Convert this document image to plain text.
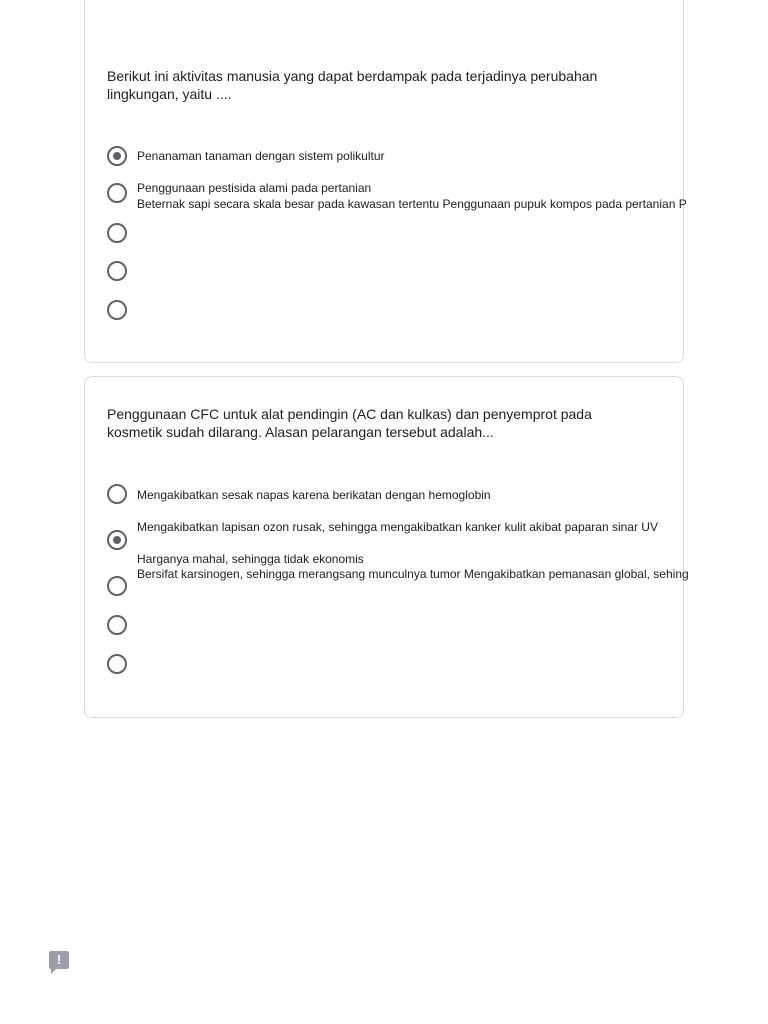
Berikut ini aktivitas manusia yang dapat berdampak pada terjadinya perubahan lingkungan, yaitu ....
Penanaman tanaman dengan sistem polikultur
Penggunaan pestisida alami pada pertanian
Beternak sapi secara skala besar pada kawasan tertentu Penggunaan pupuk kompos pada pertanian P
Penggunaan CFC untuk alat pendingin (AC dan kulkas) dan penyemprot pada kosmetik sudah dilarang. Alasan pelarangan tersebut adalah...
Mengakibatkan sesak napas karena berikatan dengan hemoglobin
Mengakibatkan lapisan ozon rusak, sehingga mengakibatkan kanker kulit akibat paparan sinar UV
Harganya mahal, sehingga tidak ekonomis
Bersifat karsinogen, sehingga merangsang munculnya tumor Mengakibatkan pemanasan global, sehing
!
